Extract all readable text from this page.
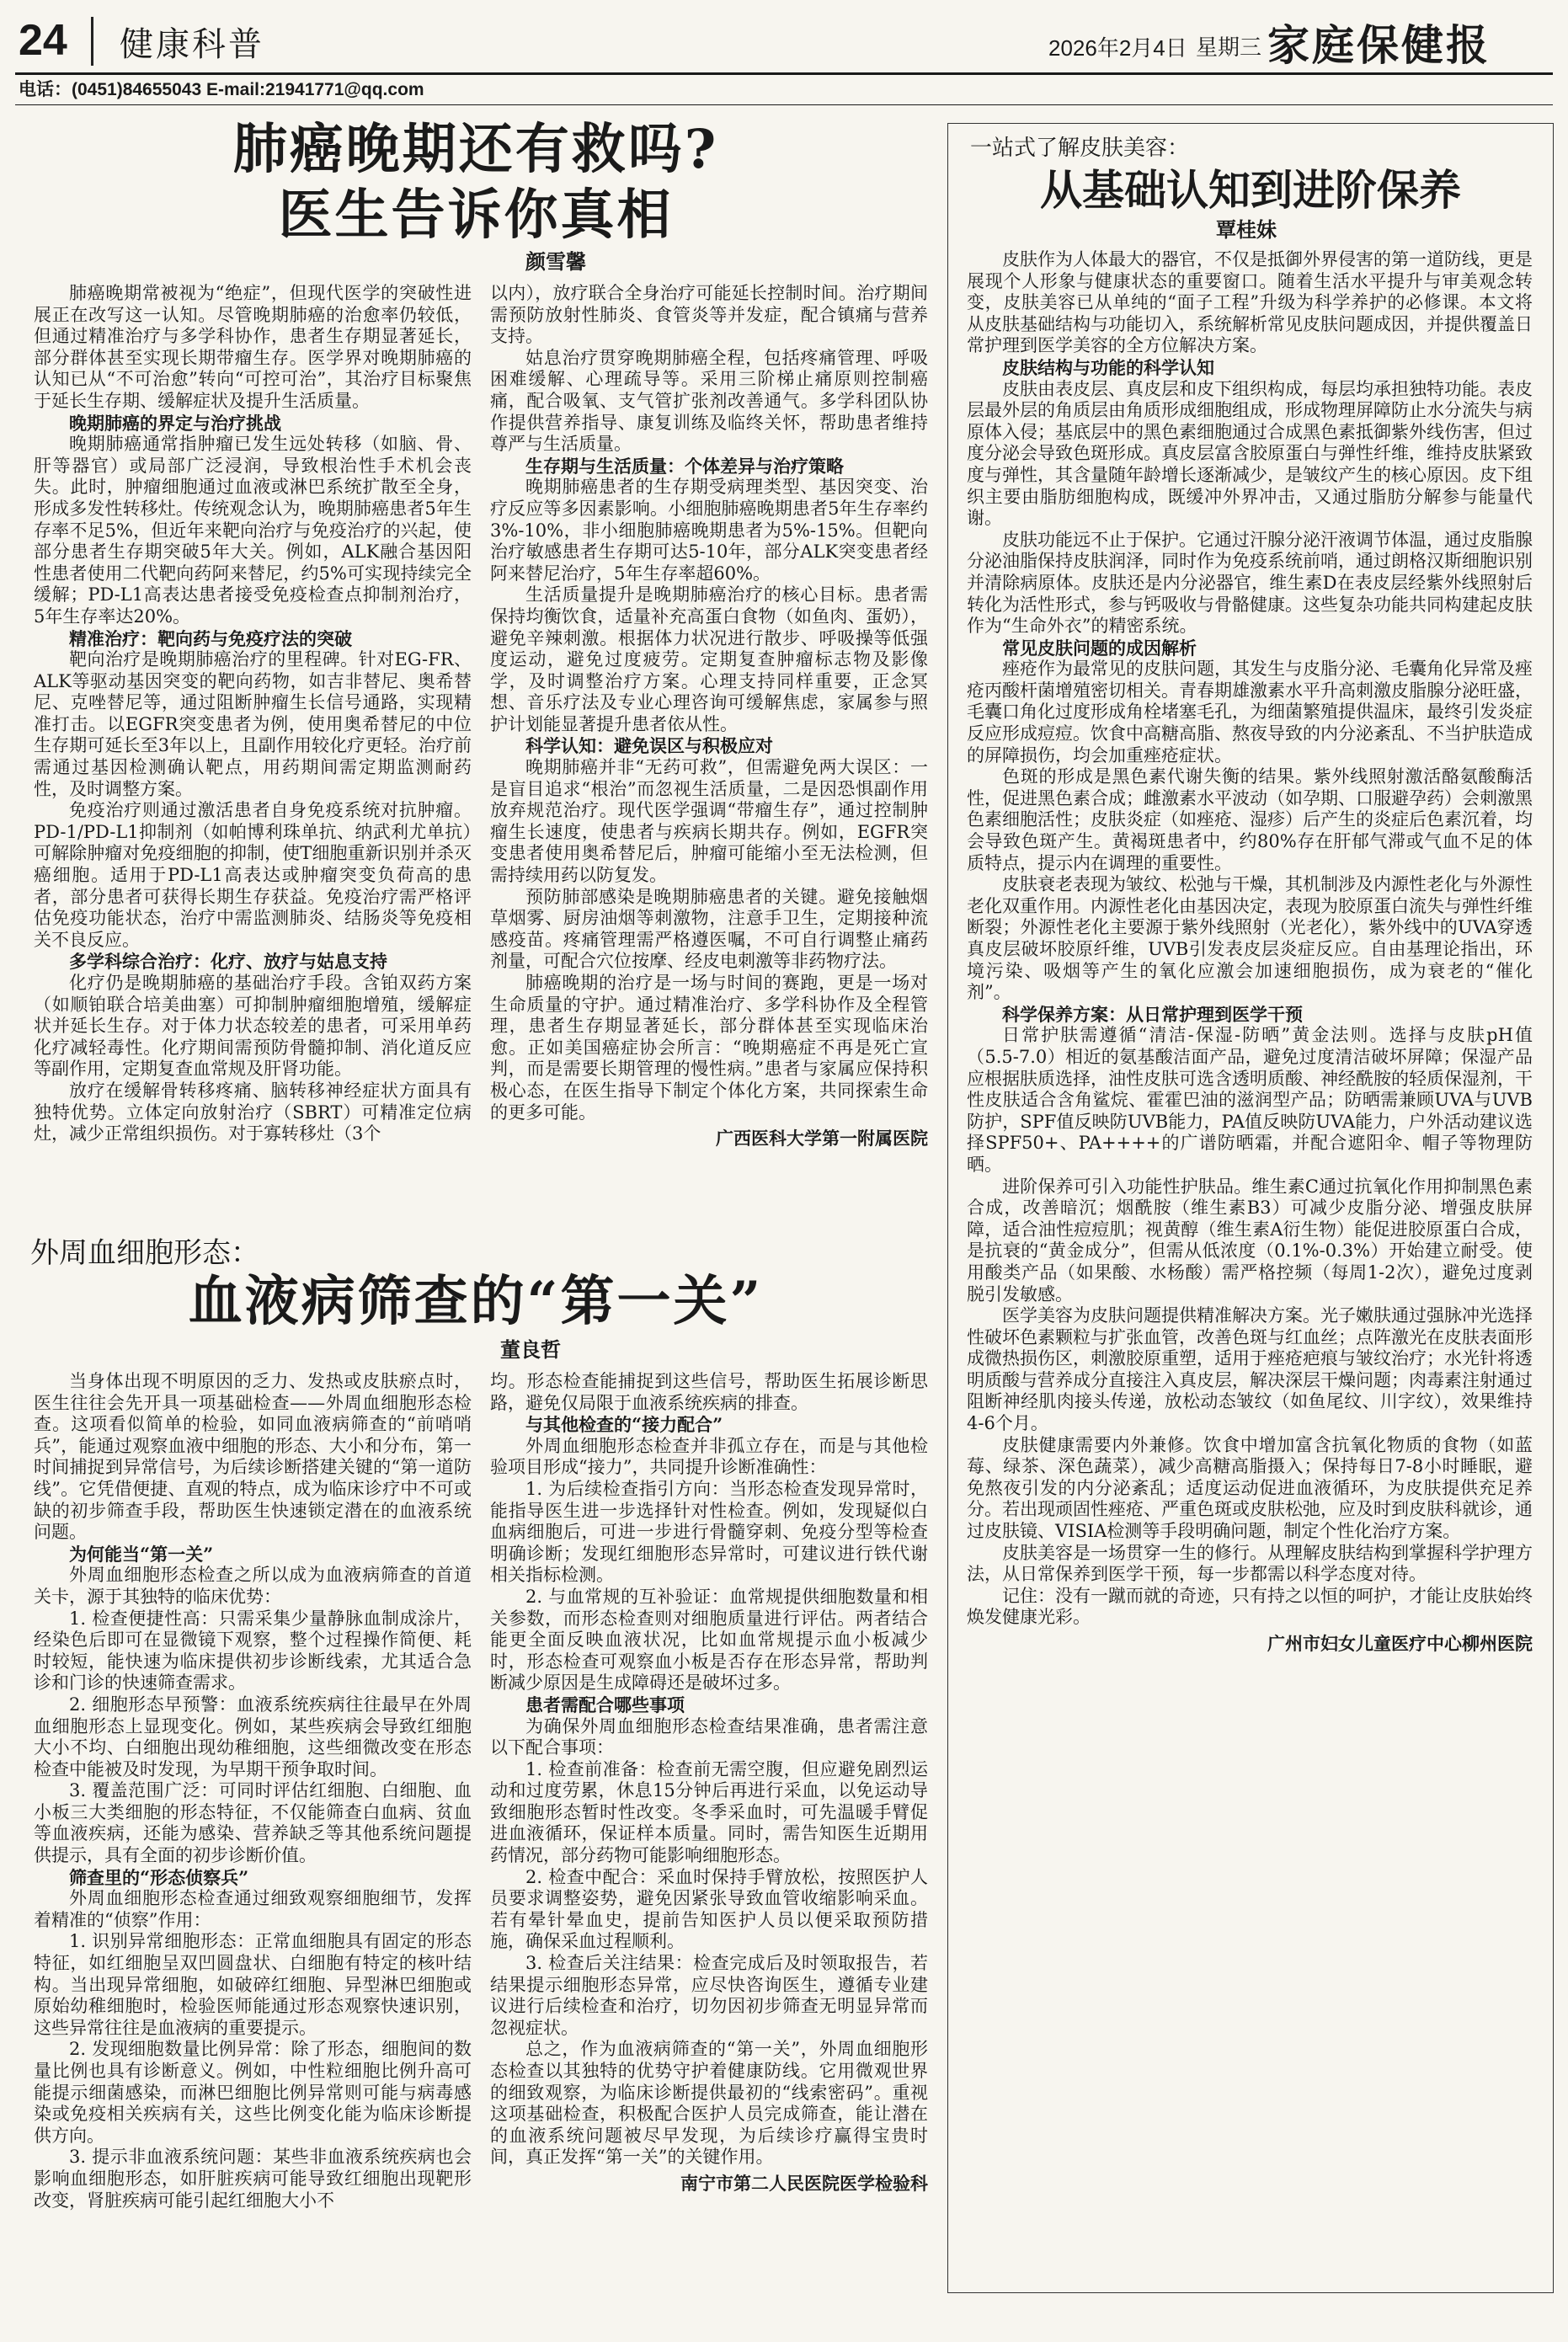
24 健康科普	2026年2月4日 星期三 家庭保健报
电话：(0451)84655043 E-mail:21941771@qq.com
肺癌晚期还有救吗?
医生告诉你真相
颜雪馨

肺癌晚期常被视为“绝症”，但现代医学的突破性进展正在改写这一认知。尽管晚期肺癌的治愈率仍较低，但通过精准治疗与多学科协作，患者生存期显著延长，部分群体甚至实现长期带瘤生存。医学界对晚期肺癌的认知已从“不可治愈”转向“可控可治”，其治疗目标聚焦于延长生存期、缓解症状及提升生活质量。

晚期肺癌的界定与治疗挑战

晚期肺癌通常指肿瘤已发生远处转移（如脑、骨、肝等器官）或局部广泛浸润，导致根治性手术机会丧失。此时，肿瘤细胞通过血液或淋巴系统扩散至全身，形成多发性转移灶。传统观念认为，晚期肺癌患者5年生存率不足5%，但近年来靶向治疗与免疫治疗的兴起，使部分患者生存期突破5年大关。例如，ALK融合基因阳性患者使用二代靶向药阿来替尼，约5%可实现持续完全缓解；PD-L1高表达患者接受免疫检查点抑制剂治疗，5年生存率达20%。

精准治疗：靶向药与免疫疗法的突破

靶向治疗是晚期肺癌治疗的里程碑。针对EG-FR、ALK等驱动基因突变的靶向药物，如吉非替尼、奥希替尼、克唑替尼等，通过阻断肿瘤生长信号通路，实现精准打击。以EGFR突变患者为例，使用奥希替尼的中位生存期可延长至3年以上，且副作用较化疗更轻。治疗前需通过基因检测确认靶点，用药期间需定期监测耐药性，及时调整方案。

免疫治疗则通过激活患者自身免疫系统对抗肿瘤。PD-1/PD-L1抑制剂（如帕博利珠单抗、纳武利尤单抗）可解除肿瘤对免疫细胞的抑制，使T细胞重新识别并杀灭癌细胞。适用于PD-L1高表达或肿瘤突变负荷高的患者，部分患者可获得长期生存获益。免疫治疗需严格评估免疫功能状态，治疗中需监测肺炎、结肠炎等免疫相关不良反应。

多学科综合治疗：化疗、放疗与姑息支持

化疗仍是晚期肺癌的基础治疗手段。含铂双药方案（如顺铂联合培美曲塞）可抑制肿瘤细胞增殖，缓解症状并延长生存。对于体力状态较差的患者，可采用单药化疗减轻毒性。化疗期间需预防骨髓抑制、消化道反应等副作用，定期复查血常规及肝肾功能。

放疗在缓解骨转移疼痛、脑转移神经症状方面具有独特优势。立体定向放射治疗（SBRT）可精准定位病灶，减少正常组织损伤。对于寡转移灶（3个

以内），放疗联合全身治疗可能延长控制时间。治疗期间需预防放射性肺炎、食管炎等并发症，配合镇痛与营养支持。

姑息治疗贯穿晚期肺癌全程，包括疼痛管理、呼吸困难缓解、心理疏导等。采用三阶梯止痛原则控制癌痛，配合吸氧、支气管扩张剂改善通气。多学科团队协作提供营养指导、康复训练及临终关怀，帮助患者维持尊严与生活质量。

生存期与生活质量：个体差异与治疗策略

晚期肺癌患者的生存期受病理类型、基因突变、治疗反应等多因素影响。小细胞肺癌晚期患者5年生存率约3%-10%，非小细胞肺癌晚期患者为5%-15%。但靶向治疗敏感患者生存期可达5-10年，部分ALK突变患者经阿来替尼治疗，5年生存率超60%。

生活质量提升是晚期肺癌治疗的核心目标。患者需保持均衡饮食，适量补充高蛋白食物（如鱼肉、蛋奶），避免辛辣刺激。根据体力状况进行散步、呼吸操等低强度运动，避免过度疲劳。定期复查肿瘤标志物及影像学，及时调整治疗方案。心理支持同样重要，正念冥想、音乐疗法及专业心理咨询可缓解焦虑，家属参与照护计划能显著提升患者依从性。

科学认知：避免误区与积极应对

晚期肺癌并非“无药可救”，但需避免两大误区：一是盲目追求“根治”而忽视生活质量，二是因恐惧副作用放弃规范治疗。现代医学强调“带瘤生存”，通过控制肿瘤生长速度，使患者与疾病长期共存。例如，EGFR突变患者使用奥希替尼后，肿瘤可能缩小至无法检测，但需持续用药以防复发。

预防肺部感染是晚期肺癌患者的关键。避免接触烟草烟雾、厨房油烟等刺激物，注意手卫生，定期接种流感疫苗。疼痛管理需严格遵医嘱，不可自行调整止痛药剂量，可配合穴位按摩、经皮电刺激等非药物疗法。

肺癌晚期的治疗是一场与时间的赛跑，更是一场对生命质量的守护。通过精准治疗、多学科协作及全程管理，患者生存期显著延长，部分群体甚至实现临床治愈。正如美国癌症协会所言：“晚期癌症不再是死亡宣判，而是需要长期管理的慢性病。”患者与家属应保持积极心态，在医生指导下制定个体化方案，共同探索生命的更多可能。

广西医科大学第一附属医院
外周血细胞形态：
血液病筛查的“第一关”
董良哲

当身体出现不明原因的乏力、发热或皮肤瘀点时，医生往往会先开具一项基础检查——外周血细胞形态检查。这项看似简单的检验，如同血液病筛查的“前哨哨兵”，能通过观察血液中细胞的形态、大小和分布，第一时间捕捉到异常信号，为后续诊断搭建关键的“第一道防线”。它凭借便捷、直观的特点，成为临床诊疗中不可或缺的初步筛查手段，帮助医生快速锁定潜在的血液系统问题。

为何能当“第一关”

外周血细胞形态检查之所以成为血液病筛查的首道关卡，源于其独特的临床优势：

1. 检查便捷性高：只需采集少量静脉血制成涂片，经染色后即可在显微镜下观察，整个过程操作简便、耗时较短，能快速为临床提供初步诊断线索，尤其适合急诊和门诊的快速筛查需求。

2. 细胞形态早预警：血液系统疾病往往最早在外周血细胞形态上显现变化。例如，某些疾病会导致红细胞大小不均、白细胞出现幼稚细胞，这些细微改变在形态检查中能被及时发现，为早期干预争取时间。

3. 覆盖范围广泛：可同时评估红细胞、白细胞、血小板三大类细胞的形态特征，不仅能筛查白血病、贫血等血液疾病，还能为感染、营养缺乏等其他系统问题提供提示，具有全面的初步诊断价值。

筛查里的“形态侦察兵”

外周血细胞形态检查通过细致观察细胞细节，发挥着精准的“侦察”作用：

1. 识别异常细胞形态：正常血细胞具有固定的形态特征，如红细胞呈双凹圆盘状、白细胞有特定的核叶结构。当出现异常细胞，如破碎红细胞、异型淋巴细胞或原始幼稚细胞时，检验医师能通过形态观察快速识别，这些异常往往是血液病的重要提示。

2. 发现细胞数量比例异常：除了形态，细胞间的数量比例也具有诊断意义。例如，中性粒细胞比例升高可能提示细菌感染，而淋巴细胞比例异常则可能与病毒感染或免疫相关疾病有关，这些比例变化能为临床诊断提供方向。

3. 提示非血液系统问题：某些非血液系统疾病也会影响血细胞形态，如肝脏疾病可能导致红细胞出现靶形改变，肾脏疾病可能引起红细胞大小不

均。形态检查能捕捉到这些信号，帮助医生拓展诊断思路，避免仅局限于血液系统疾病的排查。

与其他检查的“接力配合”

外周血细胞形态检查并非孤立存在，而是与其他检验项目形成“接力”，共同提升诊断准确性：

1. 为后续检查指引方向：当形态检查发现异常时，能指导医生进一步选择针对性检查。例如，发现疑似白血病细胞后，可进一步进行骨髓穿刺、免疫分型等检查明确诊断；发现红细胞形态异常时，可建议进行铁代谢相关指标检测。

2. 与血常规的互补验证：血常规提供细胞数量和相关参数，而形态检查则对细胞质量进行评估。两者结合能更全面反映血液状况，比如血常规提示血小板减少时，形态检查可观察血小板是否存在形态异常，帮助判断减少原因是生成障碍还是破坏过多。

患者需配合哪些事项

为确保外周血细胞形态检查结果准确，患者需注意以下配合事项：

1. 检查前准备：检查前无需空腹，但应避免剧烈运动和过度劳累，休息15分钟后再进行采血，以免运动导致细胞形态暂时性改变。冬季采血时，可先温暖手臂促进血液循环，保证样本质量。同时，需告知医生近期用药情况，部分药物可能影响细胞形态。

2. 检查中配合：采血时保持手臂放松，按照医护人员要求调整姿势，避免因紧张导致血管收缩影响采血。若有晕针晕血史，提前告知医护人员以便采取预防措施，确保采血过程顺利。

3. 检查后关注结果：检查完成后及时领取报告，若结果提示细胞形态异常，应尽快咨询医生，遵循专业建议进行后续检查和治疗，切勿因初步筛查无明显异常而忽视症状。

总之，作为血液病筛查的“第一关”，外周血细胞形态检查以其独特的优势守护着健康防线。它用微观世界的细致观察，为临床诊断提供最初的“线索密码”。重视这项基础检查，积极配合医护人员完成筛查，能让潜在的血液系统问题被尽早发现，为后续诊疗赢得宝贵时间，真正发挥“第一关”的关键作用。

南宁市第二人民医院医学检验科
一站式了解皮肤美容：
从基础认知到进阶保养
覃桂妹

皮肤作为人体最大的器官，不仅是抵御外界侵害的第一道防线，更是展现个人形象与健康状态的重要窗口。随着生活水平提升与审美观念转变，皮肤美容已从单纯的“面子工程”升级为科学养护的必修课。本文将从皮肤基础结构与功能切入，系统解析常见皮肤问题成因，并提供覆盖日常护理到医学美容的全方位解决方案。

皮肤结构与功能的科学认知

皮肤由表皮层、真皮层和皮下组织构成，每层均承担独特功能。表皮层最外层的角质层由角质形成细胞组成，形成物理屏障防止水分流失与病原体入侵；基底层中的黑色素细胞通过合成黑色素抵御紫外线伤害，但过度分泌会导致色斑形成。真皮层富含胶原蛋白与弹性纤维，维持皮肤紧致度与弹性，其含量随年龄增长逐渐减少，是皱纹产生的核心原因。皮下组织主要由脂肪细胞构成，既缓冲外界冲击，又通过脂肪分解参与能量代谢。

皮肤功能远不止于保护。它通过汗腺分泌汗液调节体温，通过皮脂腺分泌油脂保持皮肤润泽，同时作为免疫系统前哨，通过朗格汉斯细胞识别并清除病原体。皮肤还是内分泌器官，维生素D在表皮层经紫外线照射后转化为活性形式，参与钙吸收与骨骼健康。这些复杂功能共同构建起皮肤作为“生命外衣”的精密系统。

常见皮肤问题的成因解析

痤疮作为最常见的皮肤问题，其发生与皮脂分泌、毛囊角化异常及痤疮丙酸杆菌增殖密切相关。青春期雄激素水平升高刺激皮脂腺分泌旺盛，毛囊口角化过度形成角栓堵塞毛孔，为细菌繁殖提供温床，最终引发炎症反应形成痘痘。饮食中高糖高脂、熬夜导致的内分泌紊乱、不当护肤造成的屏障损伤，均会加重痤疮症状。

色斑的形成是黑色素代谢失衡的结果。紫外线照射激活酪氨酸酶活性，促进黑色素合成；雌激素水平波动（如孕期、口服避孕药）会刺激黑色素细胞活性；皮肤炎症（如痤疮、湿疹）后产生的炎症后色素沉着，均会导致色斑产生。黄褐斑患者中，约80%存在肝郁气滞或气血不足的体质特点，提示内在调理的重要性。

皮肤衰老表现为皱纹、松弛与干燥，其机制涉及内源性老化与外源性老化双重作用。内源性老化由基因决定，表现为胶原蛋白流失与弹性纤维断裂；外源性老化主要源于紫外线照射（光老化），紫外线中的UVA穿透真皮层破坏胶原纤维，UVB引发表皮层炎症反应。自由基理论指出，环境污染、吸烟等产生的氧化应激会加速细胞损伤，成为衰老的“催化剂”。

科学保养方案：从日常护理到医学干预

日常护肤需遵循“清洁-保湿-防晒”黄金法则。选择与皮肤pH值（5.5-7.0）相近的氨基酸洁面产品，避免过度清洁破坏屏障；保湿产品应根据肤质选择，油性皮肤可选含透明质酸、神经酰胺的轻质保湿剂，干性皮肤适合含角鲨烷、霍霍巴油的滋润型产品；防晒需兼顾UVA与UVB防护，SPF值反映防UVB能力，PA值反映防UVA能力，户外活动建议选择SPF50+、PA++++的广谱防晒霜，并配合遮阳伞、帽子等物理防晒。

进阶保养可引入功能性护肤品。维生素C通过抗氧化作用抑制黑色素合成，改善暗沉；烟酰胺（维生素B3）可减少皮脂分泌、增强皮肤屏障，适合油性痘痘肌；视黄醇（维生素A衍生物）能促进胶原蛋白合成，是抗衰的“黄金成分”，但需从低浓度（0.1%-0.3%）开始建立耐受。使用酸类产品（如果酸、水杨酸）需严格控频（每周1-2次），避免过度剥脱引发敏感。

医学美容为皮肤问题提供精准解决方案。光子嫩肤通过强脉冲光选择性破坏色素颗粒与扩张血管，改善色斑与红血丝；点阵激光在皮肤表面形成微热损伤区，刺激胶原重塑，适用于痤疮疤痕与皱纹治疗；水光针将透明质酸与营养成分直接注入真皮层，解决深层干燥问题；肉毒素注射通过阻断神经肌肉接头传递，放松动态皱纹（如鱼尾纹、川字纹），效果维持4-6个月。

皮肤健康需要内外兼修。饮食中增加富含抗氧化物质的食物（如蓝莓、绿茶、深色蔬菜），减少高糖高脂摄入；保持每日7-8小时睡眠，避免熬夜引发的内分泌紊乱；适度运动促进血液循环，为皮肤提供充足养分。若出现顽固性痤疮、严重色斑或皮肤松弛，应及时到皮肤科就诊，通过皮肤镜、VISIA检测等手段明确问题，制定个性化治疗方案。

皮肤美容是一场贯穿一生的修行。从理解皮肤结构到掌握科学护理方法，从日常保养到医学干预，每一步都需以科学态度对待。

记住：没有一蹴而就的奇迹，只有持之以恒的呵护，才能让皮肤始终焕发健康光彩。

广州市妇女儿童医疗中心柳州医院
